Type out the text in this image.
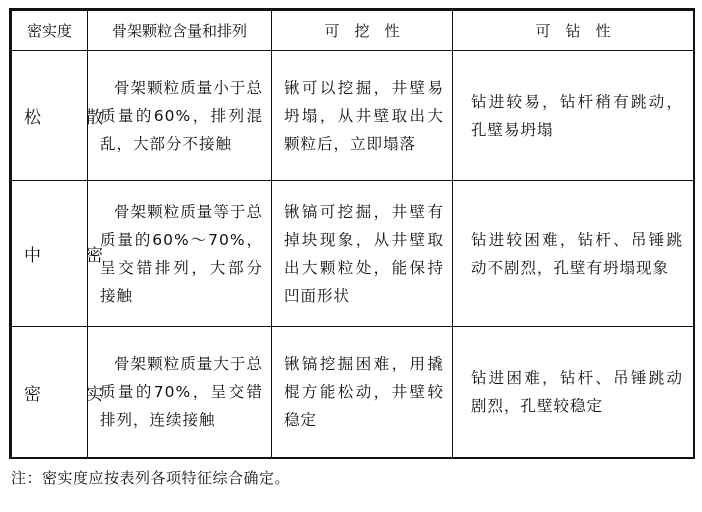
密实度	骨架颗粒含量和排列	可　挖　性	可　钻　性
松　散	骨架颗粒质量小于总质量的60%，排列混乱，大部分不接触	锹可以挖掘，井壁易坍塌，从井壁取出大颗粒后，立即塌落	钻进较易，钻杆稍有跳动，孔壁易坍塌

中　密	骨架颗粒质量等于总质量的60%～70%，呈交错排列，大部分接触	锹镐可挖掘，井壁有掉块现象，从井壁取出大颗粒处，能保持凹面形状	钻进较困难，钻杆、吊锤跳动不剧烈，孔壁有坍塌现象

密　实	骨架颗粒质量大于总质量的70%，呈交错排列，连续接触	锹镐挖掘困难，用撬棍方能松动，井壁较稳定	钻进困难，钻杆、吊锤跳动剧烈，孔壁较稳定
注：密实度应按表列各项特征综合确定。
